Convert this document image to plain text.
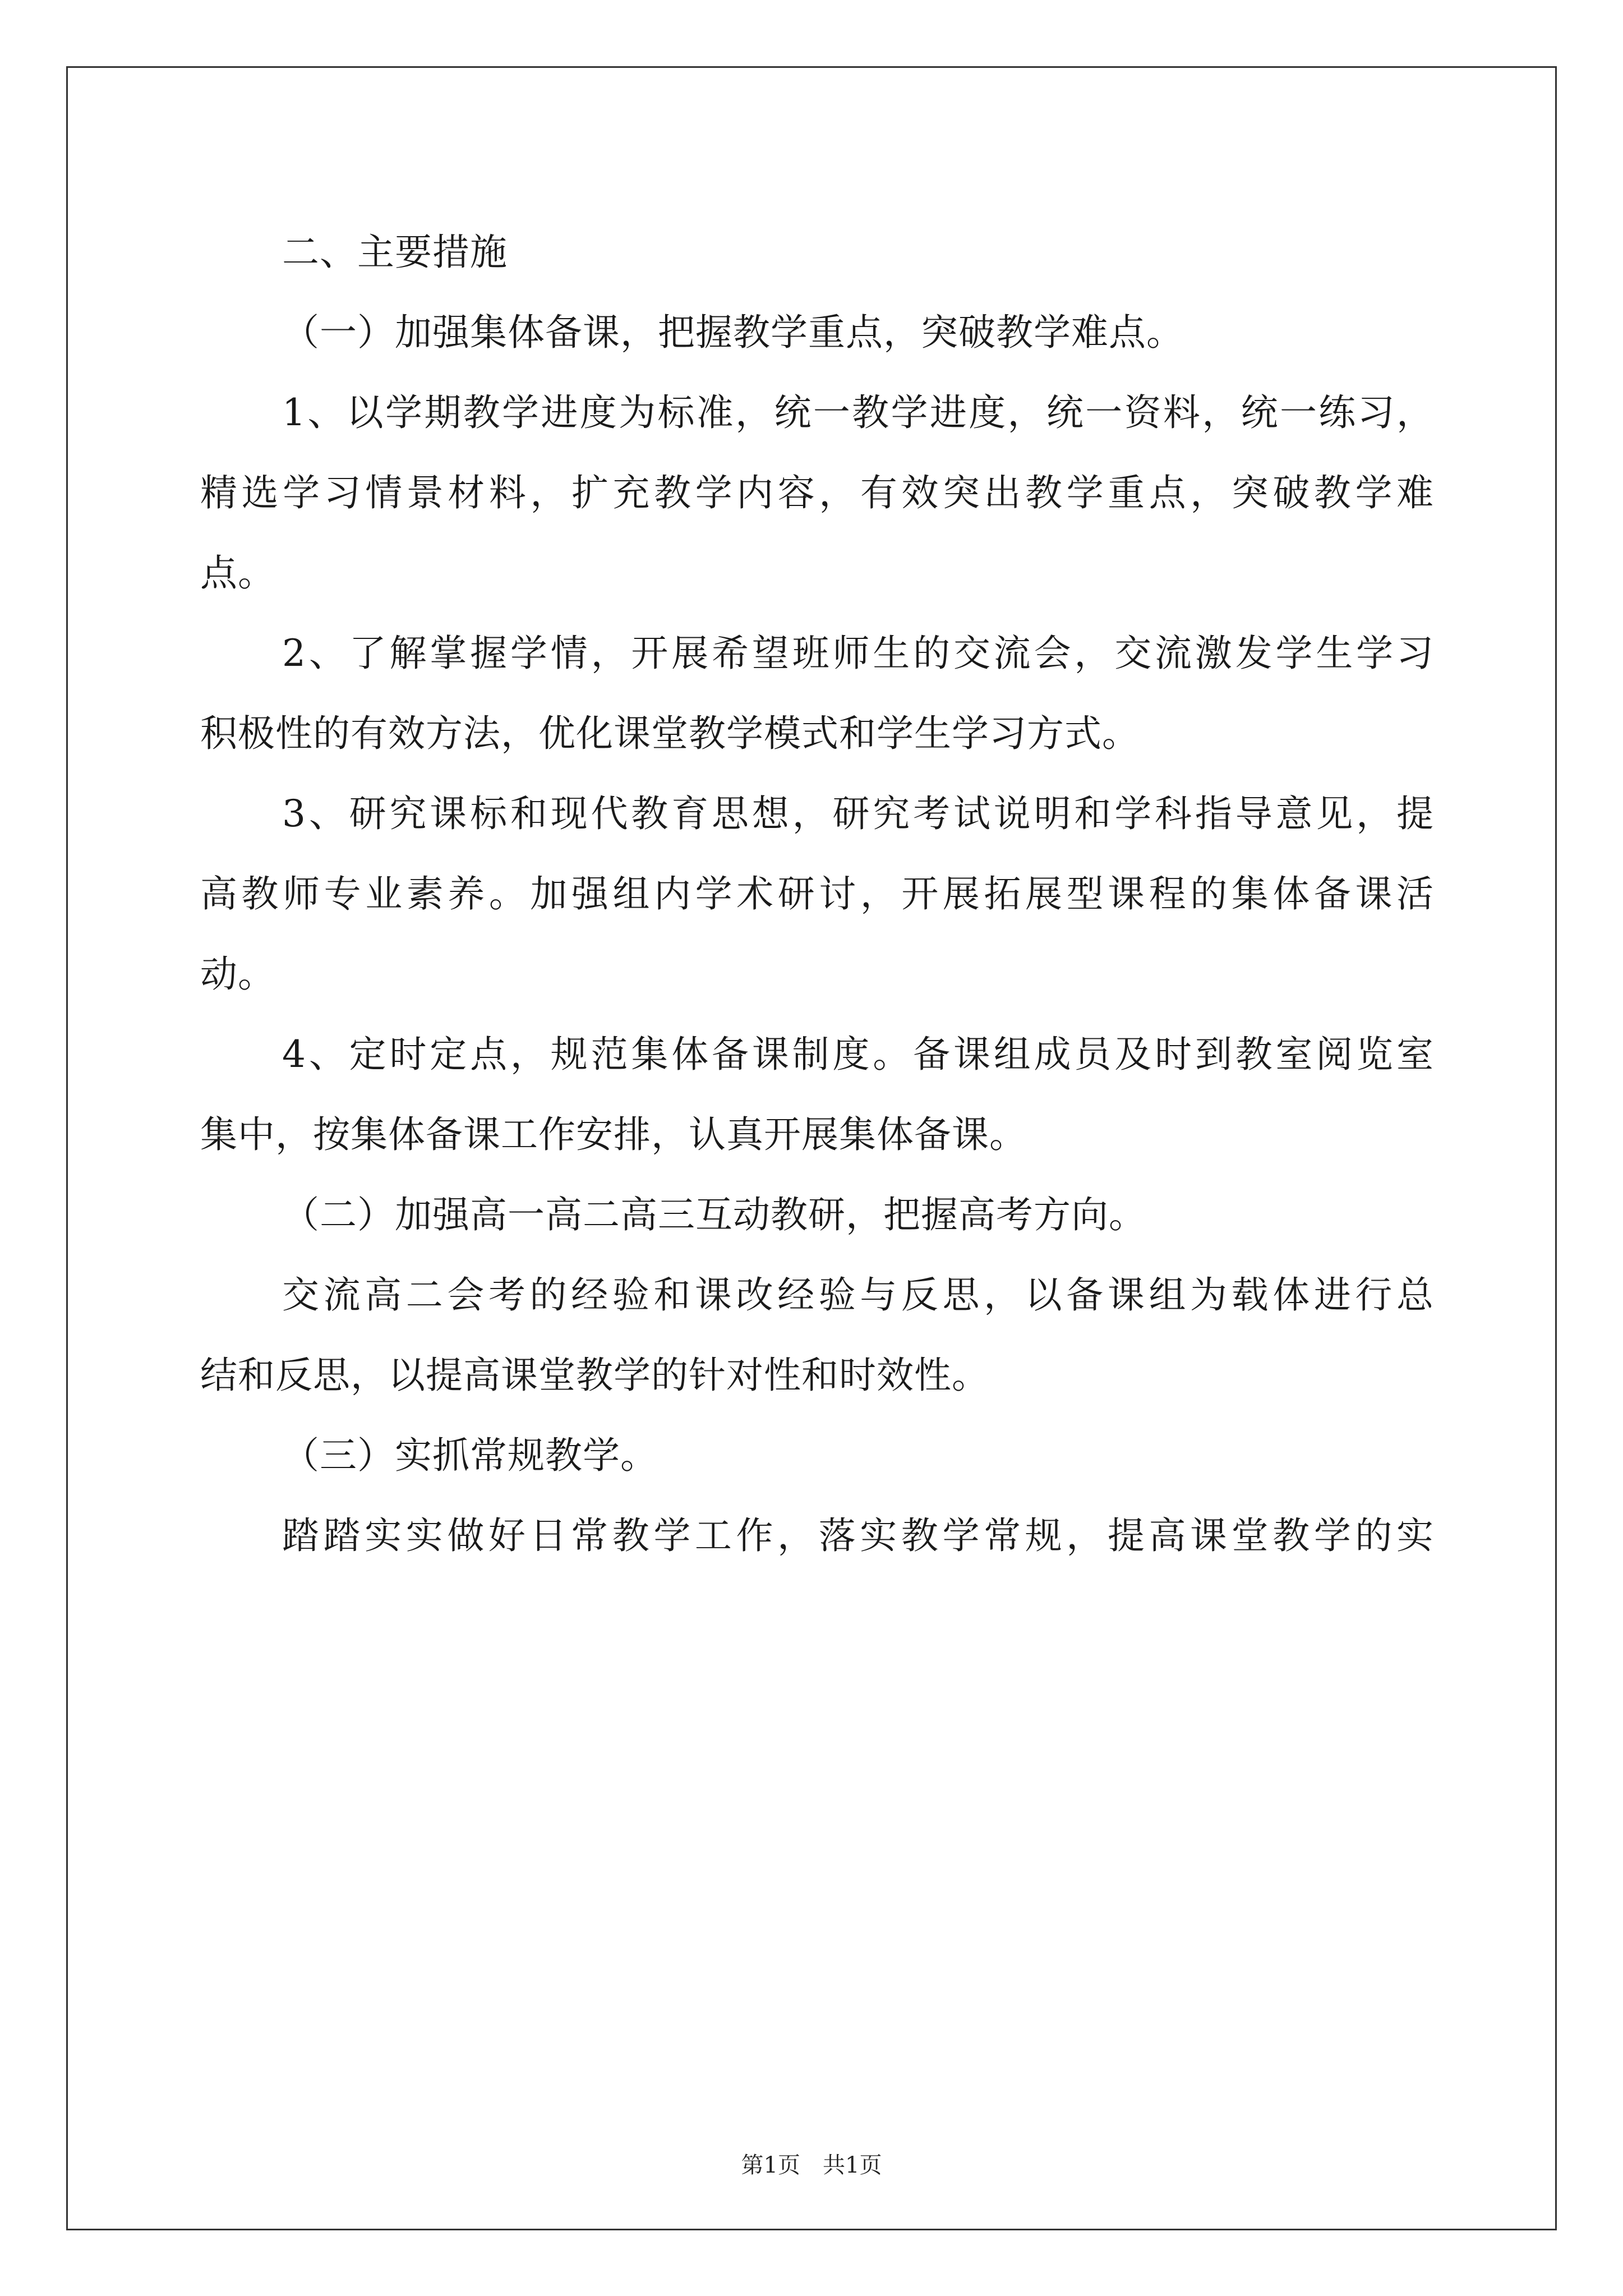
二、主要措施
（一）加强集体备课，把握教学重点，突破教学难点。
1、以学期教学进度为标准，统一教学进度，统一资料，统一练习，
精选学习情景材料，扩充教学内容，有效突出教学重点，突破教学难
点。
2、了解掌握学情，开展希望班师生的交流会，交流激发学生学习
积极性的有效方法，优化课堂教学模式和学生学习方式。
3、研究课标和现代教育思想，研究考试说明和学科指导意见，提
高教师专业素养。加强组内学术研讨，开展拓展型课程的集体备课活
动。
4、定时定点，规范集体备课制度。备课组成员及时到教室阅览室
集中，按集体备课工作安排，认真开展集体备课。
（二）加强高一高二高三互动教研，把握高考方向。
交流高二会考的经验和课改经验与反思，以备课组为载体进行总
结和反思，以提高课堂教学的针对性和时效性。
（三）实抓常规教学。
踏踏实实做好日常教学工作，落实教学常规，提高课堂教学的实
第1页 共1页
